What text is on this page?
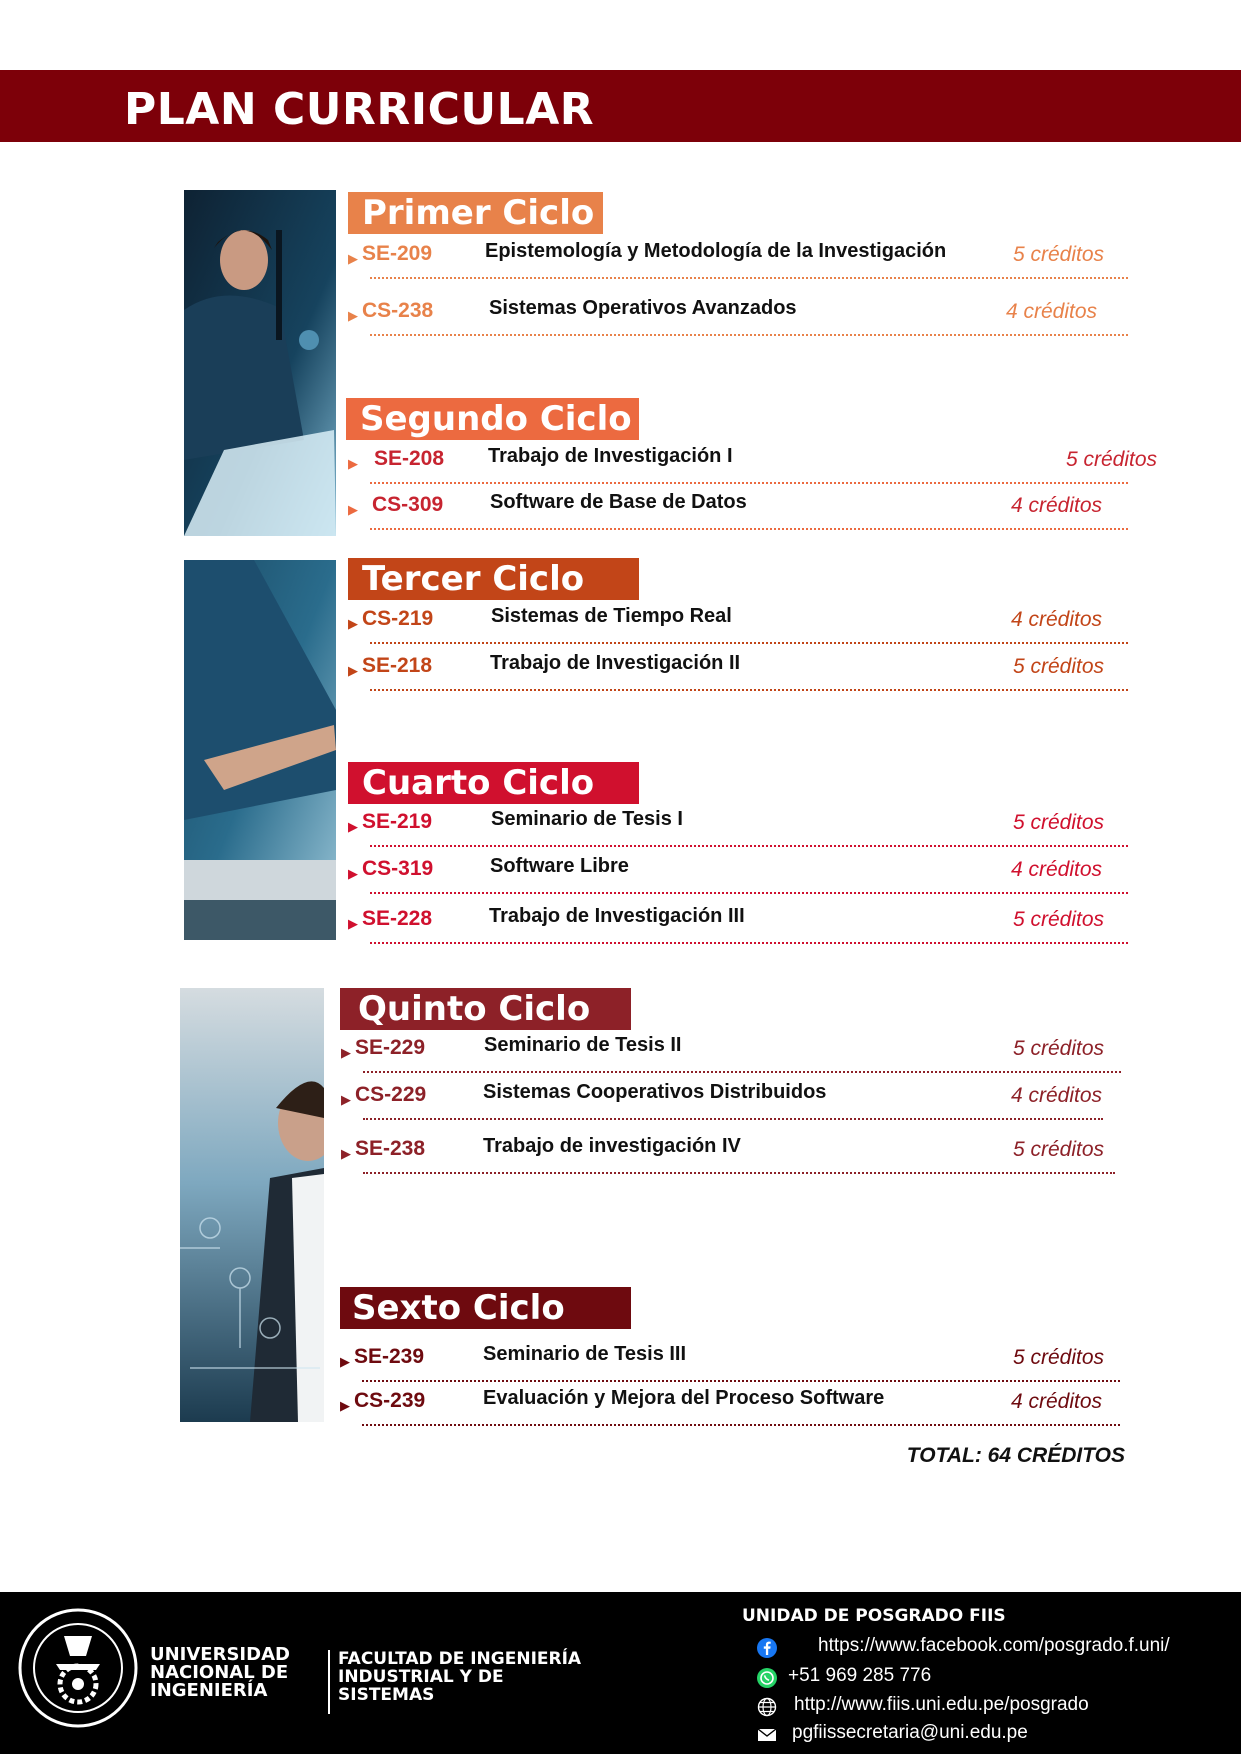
PLAN CURRICULAR
Primer Ciclo
▶ SE-209	Epistemología y Metodología de la Investigación	5 créditos
▶ CS-238	Sistemas Operativos Avanzados	4 créditos
Segundo Ciclo
▶ SE-208 Trabajo de Investigación I	5 créditos
▶ CS-309 Software de Base de Datos	4 créditos
Tercer Ciclo
▶ CS-219	Sistemas de Tiempo Real	4 créditos
▶ SE-218	Trabajo de Investigación II	5 créditos
Cuarto Ciclo
▶ SE-219	Seminario de Tesis I	5 créditos
▶ CS-319	Software Libre	4 créditos
▶ SE-228	Trabajo de Investigación III	5 créditos
Quinto Ciclo
▶ SE-229	Seminario de Tesis II	5 créditos
▶ CS-229	Sistemas Cooperativos Distribuidos	4 créditos
▶ SE-238	Trabajo de investigación IV	5 créditos
Sexto Ciclo
▶ SE-239	Seminario de Tesis III	5 créditos
▶ CS-239	Evaluación y Mejora del Proceso Software	4 créditos
TOTAL: 64 CRÉDITOS
UNIVERSIDAD NACIONAL DE INGENIERÍA
FACULTAD DE INGENIERÍA INDUSTRIAL Y DE SISTEMAS
UNIDAD DE POSGRADO FIIS
https://www.facebook.com/posgrado.f.uni/
+51 969 285 776
http://www.fiis.uni.edu.pe/posgrado
pgfiissecretaria@uni.edu.pe
